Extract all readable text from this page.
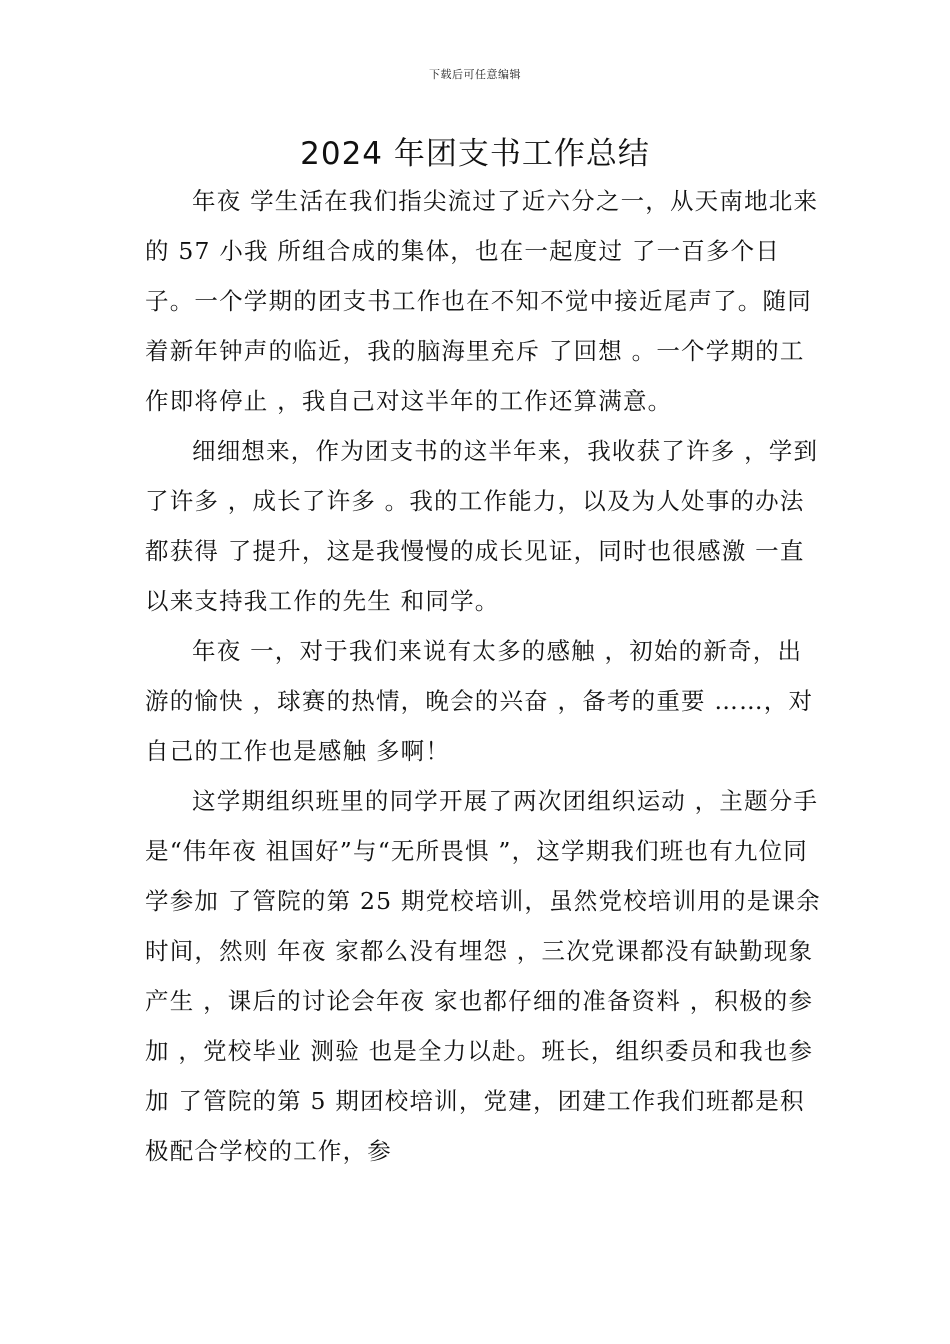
下载后可任意编辑
2024 年团支书工作总结

年夜 学生活在我们指尖流过了近六分之一，从天南地北来的 57 小我 所组合成的集体，也在一起度过 了一百多个日子。一个学期的团支书工作也在不知不觉中接近尾声了。随同 着新年钟声的临近，我的脑海里充斥 了回想 。一个学期的工作即将停止 ，我自己对这半年的工作还算满意。

细细想来，作为团支书的这半年来，我收获了许多 ，学到了许多 ，成长了许多 。我的工作能力，以及为人处事的办法 都获得 了提升，这是我慢慢的成长见证，同时也很感激 一直以来支持我工作的先生 和同学。

年夜 一，对于我们来说有太多的感触 ，初始的新奇，出游的愉快 ，球赛的热情，晚会的兴奋 ，备考的重要 ……，对自己的工作也是感触 多啊！

这学期组织班里的同学开展了两次团组织运动 ，主题分手 是“伟年夜 祖国好”与“无所畏惧 ”，这学期我们班也有九位同学参加 了管院的第 25 期党校培训，虽然党校培训用的是课余时间，然则 年夜 家都么没有埋怨 ，三次党课都没有缺勤现象产生 ，课后的讨论会年夜 家也都仔细的准备资料 ，积极的参加 ，党校毕业 测验 也是全力以赴。班长，组织委员和我也参加 了管院的第 5 期团校培训，党建，团建工作我们班都是积极配合学校的工作，参
